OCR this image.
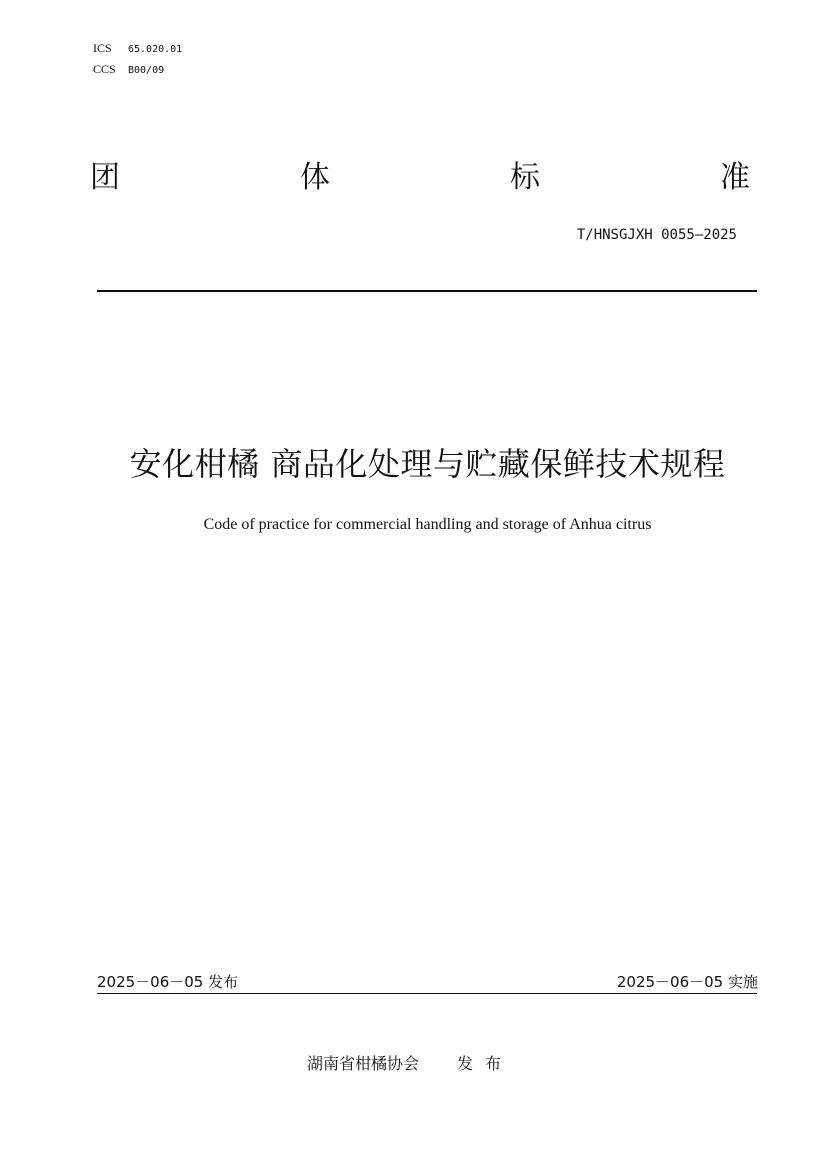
ICS 65.020.01
CCS B00/09
团	体	标	准
T/HNSGJXH 0055—2025
安化柑橘 商品化处理与贮藏保鲜技术规程
Code of practice for commercial handling and storage of Anhua citrus
2025－06－05 发布	2025－06－05 实施
湖南省柑橘协会 发布
